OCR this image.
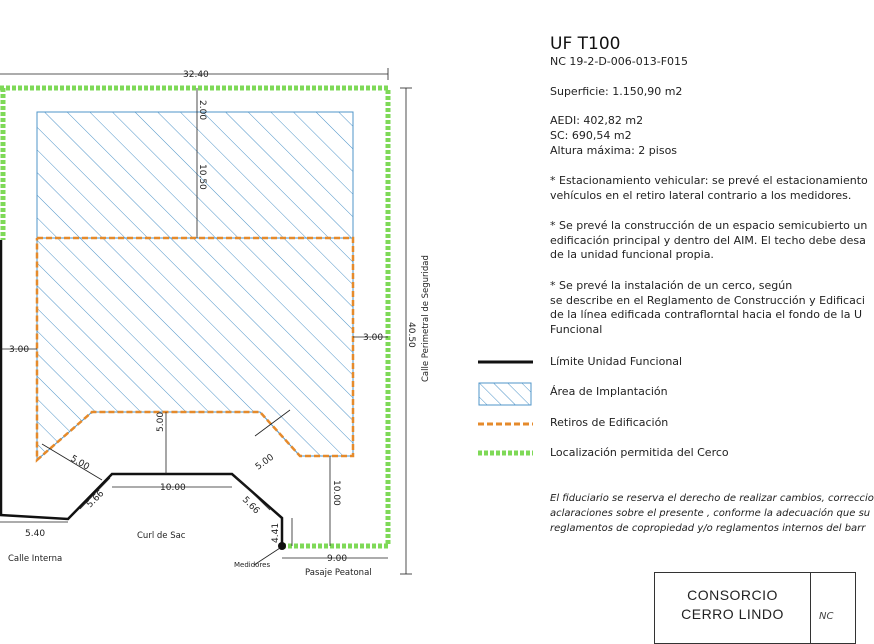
32.40
2.00
10.50
40.50 Calle Perimetral de Seguridad
3.00
3.00
5.00
5.00	5.00
10.00
5.66	5.66
5.40
10.00
4.41
9.00
Curl de Sac
Calle Interna
Pasaje Peatonal
Medidores
UF T100
NC 19-2-D-006-013-F015
Superficie: 1.150,90 m2
AEDI: 402,82 m2
SC: 690,54 m2
Altura máxima: 2 pisos
* Estacionamiento vehicular: se prevé el estacionamiento
vehículos en el retiro lateral contrario a los medidores.
* Se prevé la construcción de un espacio semicubierto un
edificación principal y dentro del AIM. El techo debe desa
de la unidad funcional propia.
* Se prevé la instalación de un cerco, según
se describe en el Reglamento de Construcción y Edificaci
de la línea edificada contraflorntal hacia el fondo de la U
Funcional
Límite Unidad Funcional
Área de Implantación
Retiros de Edificación
Localización permitida del Cerco
El fiduciario se reserva el derecho de realizar cambios, correccio
aclaraciones sobre el presente , conforme la adecuación que su
reglamentos de copropiedad y/o reglamentos internos del barr
CONSORCIO
CERRO LINDO	NC
